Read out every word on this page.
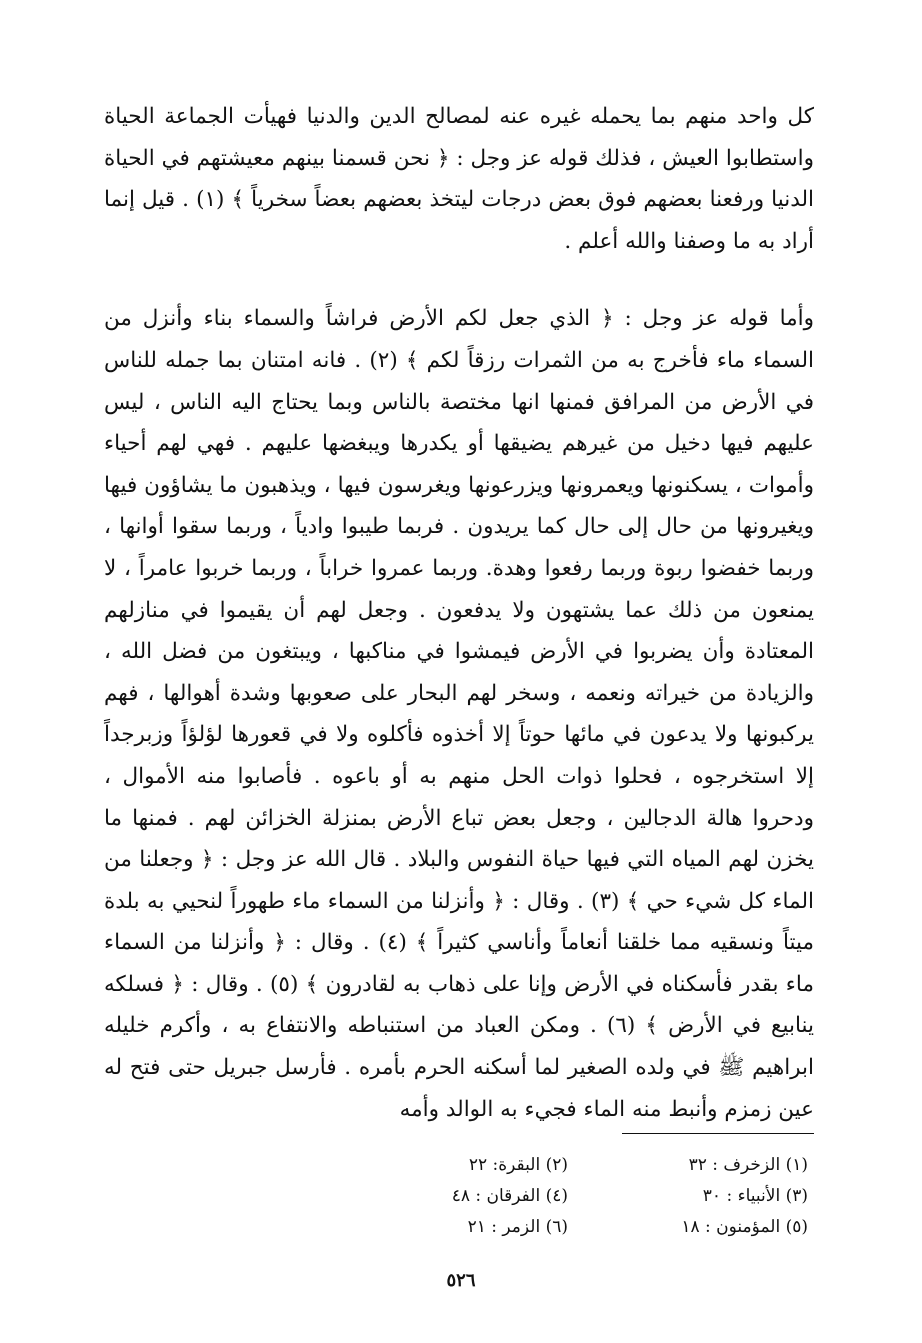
كل واحد منهم بما يحمله غيره عنه لمصالح الدين والدنيا فهيأت الجماعة الحياة واستطابوا العيش ، فذلك قوله عز وجل : ﴿ نحن قسمنا بينهم معيشتهم في الحياة الدنيا ورفعنا بعضهم فوق بعض درجات ليتخذ بعضهم بعضاً سخرياً ﴾ (١) . قيل إنما أراد به ما وصفنا والله أعلم .

وأما قوله عز وجل : ﴿ الذي جعل لكم الأرض فراشاً والسماء بناء وأنزل من السماء ماء فأخرج به من الثمرات رزقاً لكم ﴾ (٢) . فانه امتنان بما جمله للناس في الأرض من المرافق فمنها انها مختصة بالناس وبما يحتاج اليه الناس ، ليس عليهم فيها دخيل من غيرهم يضيقها أو يكدرها ويبغضها عليهم . فهي لهم أحياء وأموات ، يسكنونها ويعمرونها ويزرعونها ويغرسون فيها ، ويذهبون ما يشاؤون فيها ويغيرونها من حال إلى حال كما يريدون . فربما طيبوا وادياً ، وربما سقوا أوانها ، وربما خفضوا ربوة وربما رفعوا وهدة. وربما عمروا خراباً ، وربما خربوا عامراً ، لا يمنعون من ذلك عما يشتهون ولا يدفعون . وجعل لهم أن يقيموا في منازلهم المعتادة وأن يضربوا في الأرض فيمشوا في مناكبها ، ويبتغون من فضل الله ، والزيادة من خيراته ونعمه ، وسخر لهم البحار على صعوبها وشدة أهوالها ، فهم يركبونها ولا يدعون في مائها حوتاً إلا أخذوه فأكلوه ولا في قعورها لؤلؤاً وزبرجداً إلا استخرجوه ، فحلوا ذوات الحل منهم به أو باعوه . فأصابوا منه الأموال ، ودحروا هالة الدجالين ، وجعل بعض تباع الأرض بمنزلة الخزائن لهم . فمنها ما يخزن لهم المياه التي فيها حياة النفوس والبلاد . قال الله عز وجل : ﴿ وجعلنا من الماء كل شيء حي ﴾ (٣) . وقال : ﴿ وأنزلنا من السماء ماء طهوراً لنحيي به بلدة ميتاً ونسقيه مما خلقنا أنعاماً وأناسي كثيراً ﴾ (٤) . وقال : ﴿ وأنزلنا من السماء ماء بقدر فأسكناه في الأرض وإنا على ذهاب به لقادرون ﴾ (٥) . وقال : ﴿ فسلكه ينابيع في الأرض ﴾ (٦) . ومكن العباد من استنباطه والانتفاع به ، وأكرم خليله ابراهيم ﷺ في ولده الصغير لما أسكنه الحرم بأمره . فأرسل جبريل حتى فتح له عين زمزم وأنبط منه الماء فجيء به الوالد وأمه

(١) الزخرف : ٣٢
(٢) البقرة: ٢٢
(٣) الأنبياء : ٣٠
(٤) الفرقان : ٤٨
(٥) المؤمنون : ١٨
(٦) الزمر : ٢١
٥٢٦
